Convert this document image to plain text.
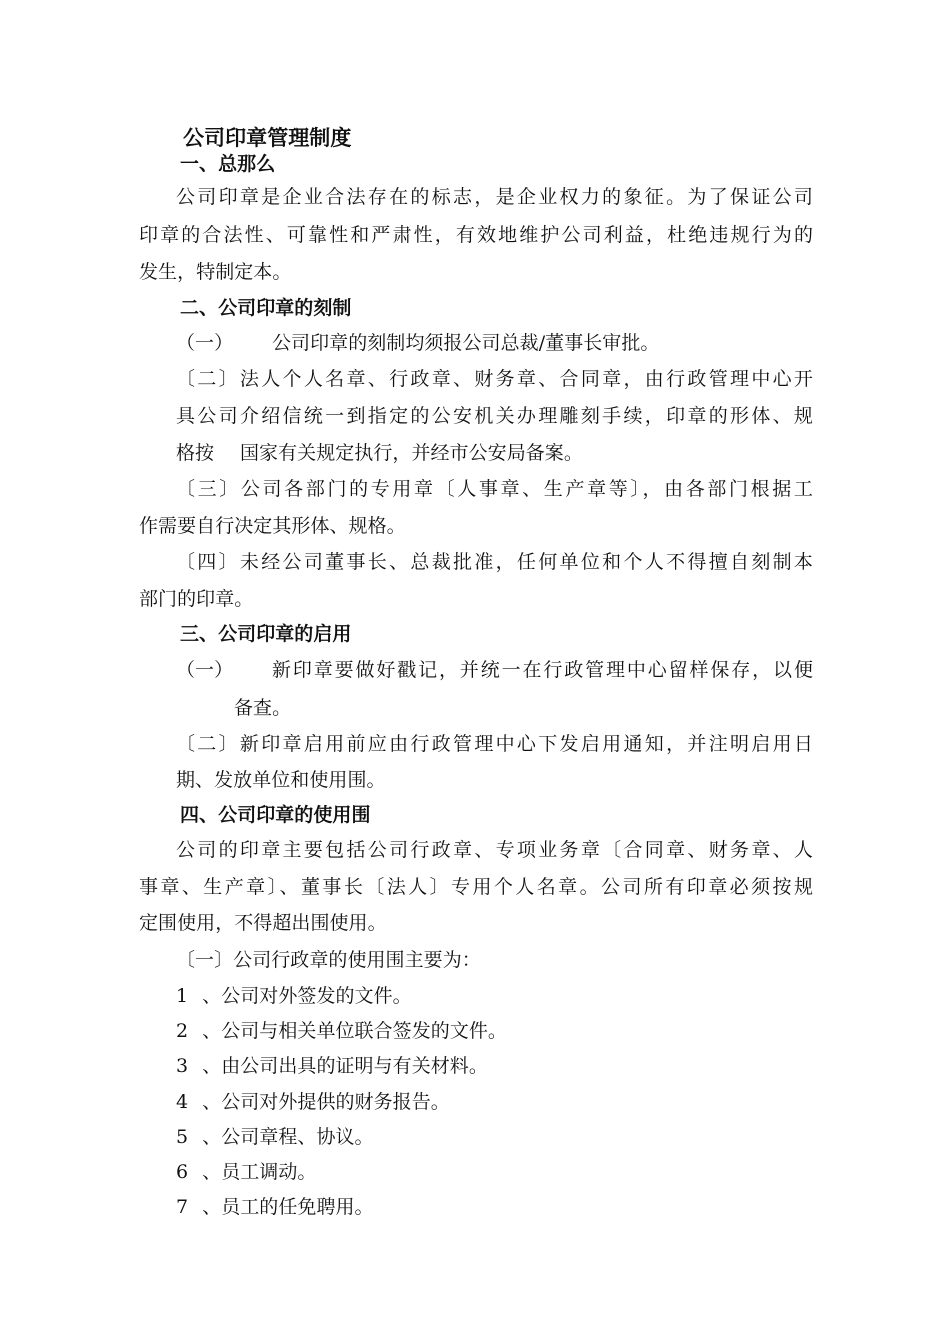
公司印章管理制度
一、总那么
公司印章是企业合法存在的标志，是企业权力的象征。为了保证公司
印章的合法性、可靠性和严肃性，有效地维护公司利益，杜绝违规行为的
发生，特制定本。
二、公司印章的刻制
（一） 公司印章的刻制均须报公司总裁/董事长审批。
〔二〕法人个人名章、行政章、财务章、合同章，由行政管理中心开
具公司介绍信统一到指定的公安机关办理雕刻手续，印章的形体、规
格按 国家有关规定执行，并经市公安局备案。
〔三〕公司各部门的专用章〔人事章、生产章等〕，由各部门根据工
作需要自行决定其形体、规格。
〔四〕未经公司董事长、总裁批准，任何单位和个人不得擅自刻制本
部门的印章。
三、公司印章的启用
（一） 新印章要做好戳记，并统一在行政管理中心留样保存，以便
备查。
〔二〕新印章启用前应由行政管理中心下发启用通知，并注明启用日
期、发放单位和使用围。
四、公司印章的使用围
公司的印章主要包括公司行政章、专项业务章〔合同章、财务章、人
事章、生产章〕、董事长〔法人〕专用个人名章。公司所有印章必须按规
定围使用，不得超出围使用。
〔一〕公司行政章的使用围主要为：
1 、公司对外签发的文件。
2 、公司与相关单位联合签发的文件。
3 、由公司出具的证明与有关材料。
4 、公司对外提供的财务报告。
5 、公司章程、协议。
6 、员工调动。
7 、员工的任免聘用。
